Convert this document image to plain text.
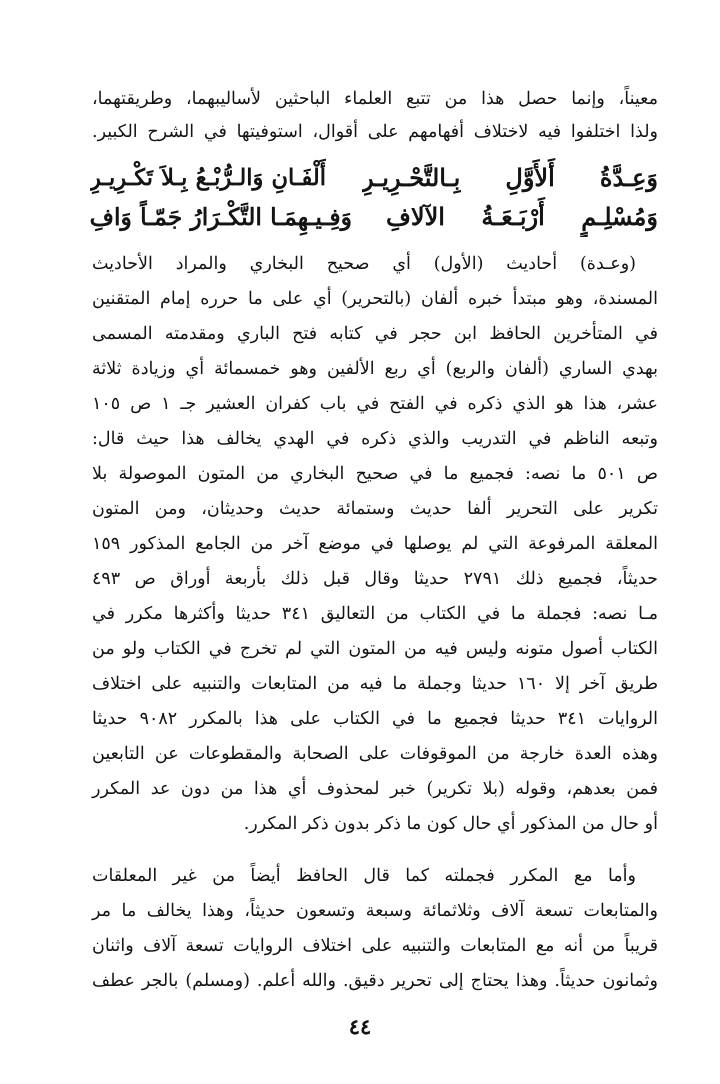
معيناً، وإنما حصل هذا من تتبع العلماء الباحثين لأساليبهما، وطريقتهما،
ولذا اختلفوا فيه لاختلاف أفهامهم على أقوال، استوفيتها في الشرح الكبير.
وَعِـدَّةُ أَلأَوَّلِ بِـالتَّحْـرِيـرِ
أَلْفَـانِ وَالـرُّبْـعُ بِـلاَ تَكْـرِيـرِ
وَمُسْلِـمٍ أَرْبَـعَـةُ الآلافِ
وَفِـيـهِمَـا التَّكْـرَارُ جَمّـاً وَافِ
(وعـدة) أحاديث (الأول) أي صحيح البخاري والمراد الأحاديث
المسندة، وهو مبتدأ خبره ألفان (بالتحرير) أي على ما حرره إمام المتقنين
في المتأخرين الحافظ ابن حجر في كتابه فتح الباري ومقدمته المسمى
بهدي الساري (ألفان والربع) أي ربع الألفين وهو خمسمائة أي وزيادة ثلاثة
عشر، هذا هو الذي ذكره في الفتح في باب كفران العشير جـ ١ ص ١٠٥
وتبعه الناظم في التدريب والذي ذكره في الهدي يخالف هذا حيث قال:
ص ٥٠١ ما نصه: فجميع ما في صحيح البخاري من المتون الموصولة بلا
تكرير على التحرير ألفا حديث وستمائة حديث وحديثان، ومن المتون
المعلقة المرفوعة التي لم يوصلها في موضع آخر من الجامع المذكور ١٥٩
حديثاً، فجميع ذلك ٢٧٩١ حديثا وقال قبل ذلك بأربعة أوراق ص ٤٩٣
مـا نصه: فجملة ما في الكتاب من التعاليق ٣٤١ حديثا وأكثرها مكرر في
الكتاب أصول متونه وليس فيه من المتون التي لم تخرج في الكتاب ولو من
طريق آخر إلا ١٦٠ حديثا وجملة ما فيه من المتابعات والتنبيه على اختلاف
الروايات ٣٤١ حديثا فجميع ما في الكتاب على هذا بالمكرر ٩٠٨٢ حديثا
وهذه العدة خارجة من الموقوفات على الصحابة والمقطوعات عن التابعين
فمن بعدهم، وقوله (بلا تكرير) خبر لمحذوف أي هذا من دون عد المكرر
أو حال من المذكور أي حال كون ما ذكر بدون ذكر المكرر.
وأما مع المكرر فجملته كما قال الحافظ أيضاً من غير المعلقات
والمتابعات تسعة آلاف وثلاثمائة وسبعة وتسعون حديثاً، وهذا يخالف ما مر
قريباً من أنه مع المتابعات والتنبيه على اختلاف الروايات تسعة آلاف واثنان
وثمانون حديثاً. وهذا يحتاج إلى تحرير دقيق. والله أعلم. (ومسلم) بالجر عطف
٤٤
